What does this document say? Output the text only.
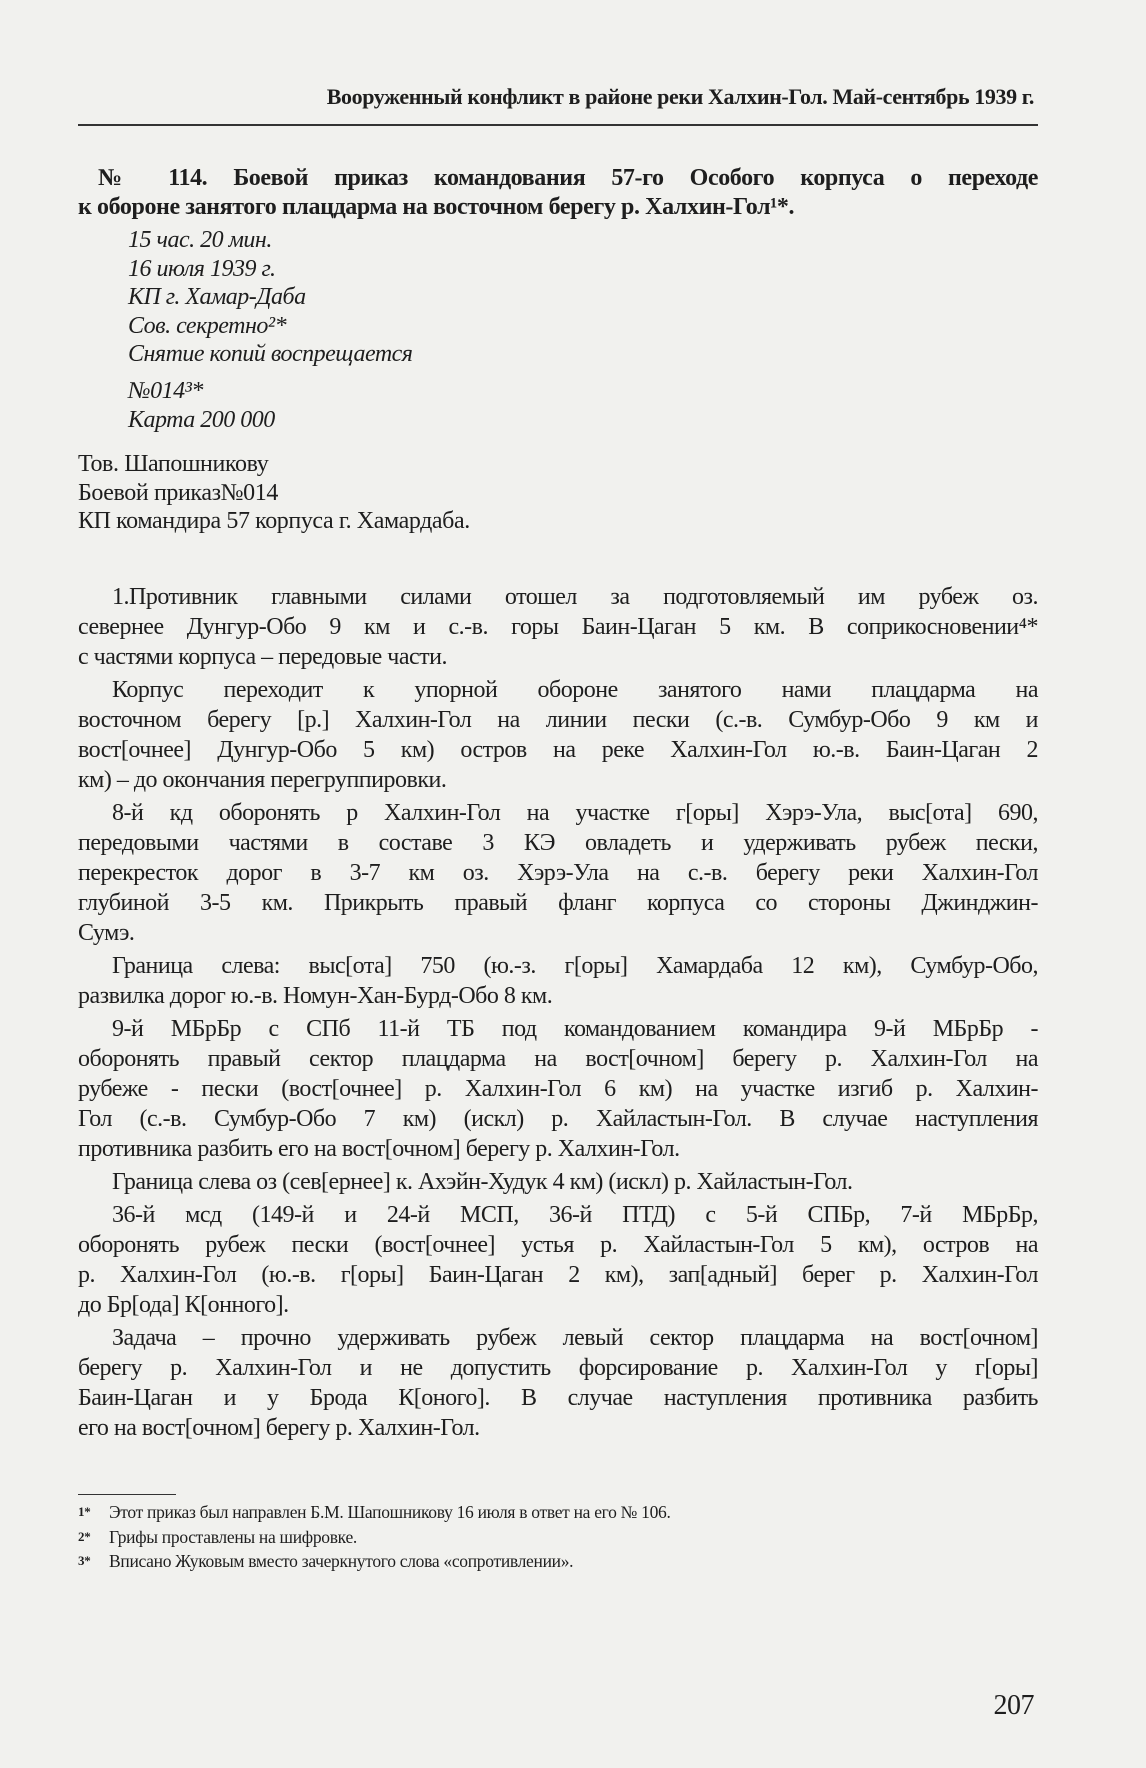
Вооруженный конфликт в районе реки Халхин-Гол. Май-сентябрь 1939 г.
№ 114. Боевой приказ командования 57-го Особого корпуса о переходе
к обороне занятого плацдарма на восточном берегу р. Халхин-Гол¹*.
15 час. 20 мин.
16 июля 1939 г.
КП г. Хамар-Даба
Сов. секретно²*
Снятие копий воспрещается
№014³*
Карта 200 000
Тов. Шапошникову
Боевой приказ№014
КП командира 57 корпуса г. Хамардаба.
1.Противник главными силами отошел за подготовляемый им рубеж оз.
севернее Дунгур-Обо 9 км и с.-в. горы Баин-Цаган 5 км. В соприкосновении⁴*
с частями корпуса – передовые части.
Корпус переходит к упорной обороне занятого нами плацдарма на
восточном берегу [р.] Халхин-Гол на линии пески (с.-в. Сумбур-Обо 9 км и
вост[очнее] Дунгур-Обо 5 км) остров на реке Халхин-Гол ю.-в. Баин-Цаган 2
км) – до окончания перегруппировки.
8-й кд оборонять р Халхин-Гол на участке г[оры] Хэрэ-Ула, выс[ота] 690,
передовыми частями в составе 3 КЭ овладеть и удерживать рубеж пески,
перекресток дорог в 3-7 км оз. Хэрэ-Ула на с.-в. берегу реки Халхин-Гол
глубиной 3-5 км. Прикрыть правый фланг корпуса со стороны Джинджин-
Сумэ.
Граница слева: выс[ота] 750 (ю.-з. г[оры] Хамардаба 12 км), Сумбур-Обо,
развилка дорог ю.-в. Номун-Хан-Бурд-Обо 8 км.
9-й МБрБр с СПб 11-й ТБ под командованием командира 9-й МБрБр -
оборонять правый сектор плацдарма на вост[очном] берегу р. Халхин-Гол на
рубеже - пески (вост[очнее] р. Халхин-Гол 6 км) на участке изгиб р. Халхин-
Гол (с.-в. Сумбур-Обо 7 км) (искл) р. Хайластын-Гол. В случае наступления
противника разбить его на вост[очном] берегу р. Халхин-Гол.
Граница слева оз (сев[ернее] к. Ахэйн-Худук 4 км) (искл) р. Хайластын-Гол.
36-й мсд (149-й и 24-й МСП, 36-й ПТД) с 5-й СПБр, 7-й МБрБр,
оборонять рубеж пески (вост[очнее] устья р. Хайластын-Гол 5 км), остров на
р. Халхин-Гол (ю.-в. г[оры] Баин-Цаган 2 км), зап[адный] берег р. Халхин-Гол
до Бр[ода] К[онного].
Задача – прочно удерживать рубеж левый сектор плацдарма на вост[очном]
берегу р. Халхин-Гол и не допустить форсирование р. Халхин-Гол у г[оры]
Баин-Цаган и у Брода К[оного]. В случае наступления противника разбить
его на вост[очном] берегу р. Халхин-Гол.
1*	Этот приказ был направлен Б.М. Шапошникову 16 июля в ответ на его № 106.
2*	Грифы проставлены на шифровке.
3*	Вписано Жуковым вместо зачеркнутого слова «сопротивлении».
207
